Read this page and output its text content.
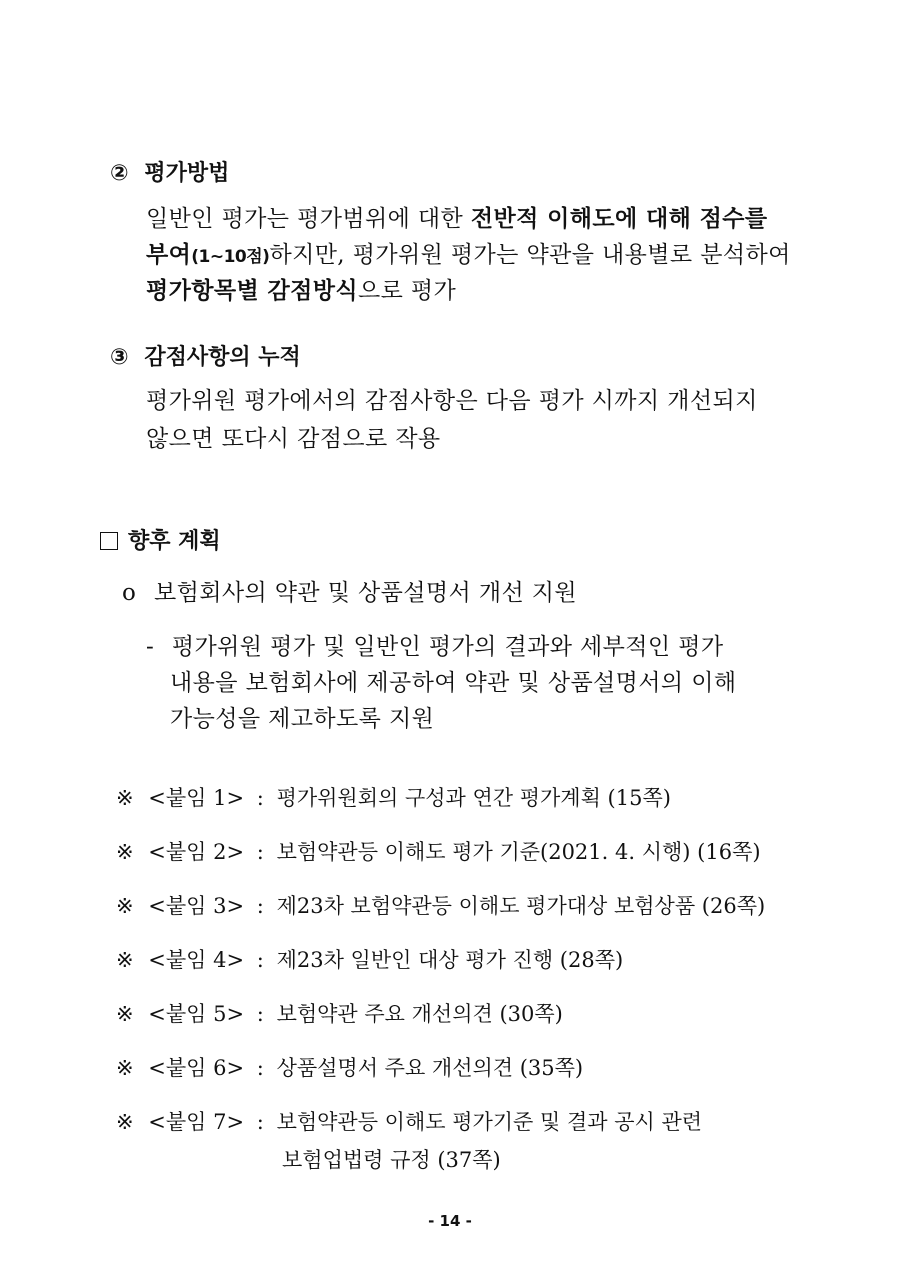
② 평가방법
일반인 평가는 평가범위에 대한 전반적 이해도에 대해 점수를
부여(1~10점)하지만, 평가위원 평가는 약관을 내용별로 분석하여
평가항목별 감점방식으로 평가
③ 감점사항의 누적
평가위원 평가에서의 감점사항은 다음 평가 시까지 개선되지
않으면 또다시 감점으로 작용
향후 계획
o 보험회사의 약관 및 상품설명서 개선 지원
- 평가위원 평가 및 일반인 평가의 결과와 세부적인 평가
내용을 보험회사에 제공하여 약관 및 상품설명서의 이해
가능성을 제고하도록 지원
※ <붙임 1> : 평가위원회의 구성과 연간 평가계획 (15쪽)
※ <붙임 2> : 보험약관등 이해도 평가 기준(2021. 4. 시행) (16쪽)
※ <붙임 3> : 제23차 보험약관등 이해도 평가대상 보험상품 (26쪽)
※ <붙임 4> : 제23차 일반인 대상 평가 진행 (28쪽)
※ <붙임 5> : 보험약관 주요 개선의견 (30쪽)
※ <붙임 6> : 상품설명서 주요 개선의견 (35쪽)
※ <붙임 7> : 보험약관등 이해도 평가기준 및 결과 공시 관련
보험업법령 규정 (37쪽)
- 14 -
